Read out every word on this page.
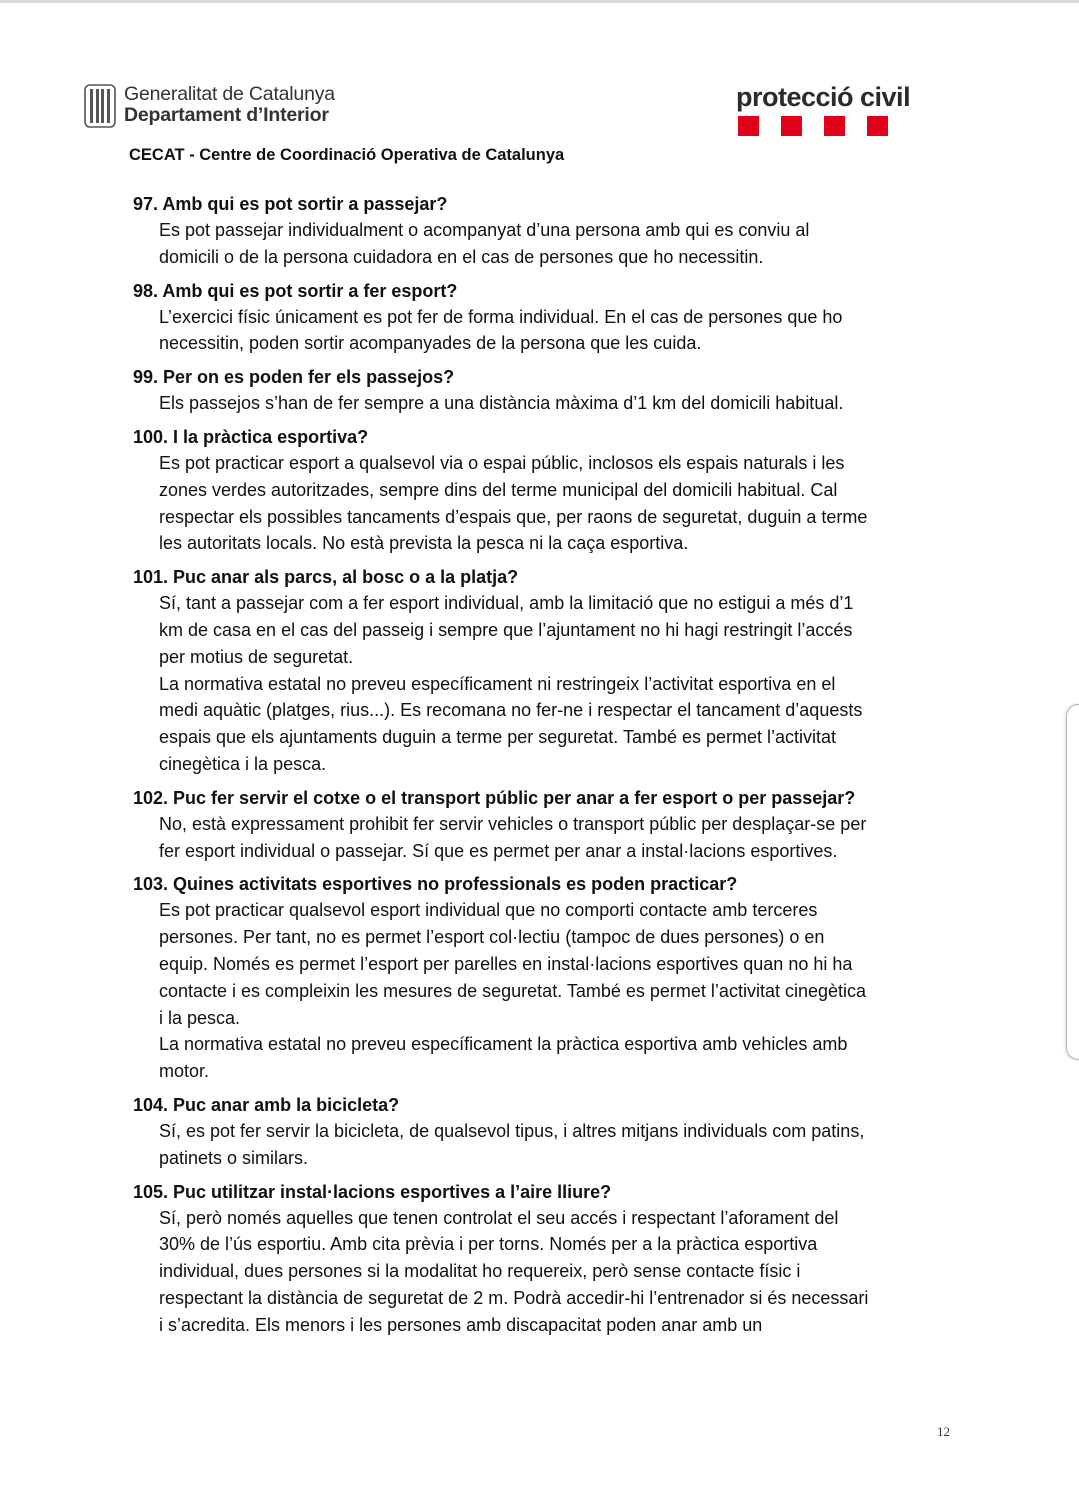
Generalitat de Catalunya
Departament d’Interior
protecció civil
CECAT - Centre de Coordinació Operativa de Catalunya
97. Amb qui es pot sortir a passejar?
Es pot passejar individualment o acompanyat d’una persona amb qui es conviu al
domicili o de la persona cuidadora en el cas de persones que ho necessitin.
98. Amb qui es pot sortir a fer esport?
L’exercici físic únicament es pot fer de forma individual. En el cas de persones que ho
necessitin, poden sortir acompanyades de la persona que les cuida.
99. Per on es poden fer els passejos?
Els passejos s’han de fer sempre a una distància màxima d’1 km del domicili habitual.
100. I la pràctica esportiva?
Es pot practicar esport a qualsevol via o espai públic, inclosos els espais naturals i les
zones verdes autoritzades, sempre dins del terme municipal del domicili habitual. Cal
respectar els possibles tancaments d’espais que, per raons de seguretat, duguin a terme
les autoritats locals. No està prevista la pesca ni la caça esportiva.
101. Puc anar als parcs, al bosc o a la platja?
Sí, tant a passejar com a fer esport individual, amb la limitació que no estigui a més d’1
km de casa en el cas del passeig i sempre que l’ajuntament no hi hagi restringit l’accés
per motius de seguretat.
La normativa estatal no preveu específicament ni restringeix l’activitat esportiva en el
medi aquàtic (platges, rius...). Es recomana no fer-ne i respectar el tancament d’aquests
espais que els ajuntaments duguin a terme per seguretat. També es permet l’activitat
cinegètica i la pesca.
102. Puc fer servir el cotxe o el transport públic per anar a fer esport o per passejar?
No, està expressament prohibit fer servir vehicles o transport públic per desplaçar-se per
fer esport individual o passejar. Sí que es permet per anar a instal·lacions esportives.
103. Quines activitats esportives no professionals es poden practicar?
Es pot practicar qualsevol esport individual que no comporti contacte amb terceres
persones. Per tant, no es permet l’esport col·lectiu (tampoc de dues persones) o en
equip. Només es permet l’esport per parelles en instal·lacions esportives quan no hi ha
contacte i es compleixin les mesures de seguretat. També es permet l’activitat cinegètica
i la pesca.
La normativa estatal no preveu específicament la pràctica esportiva amb vehicles amb
motor.
104. Puc anar amb la bicicleta?
Sí, es pot fer servir la bicicleta, de qualsevol tipus, i altres mitjans individuals com patins,
patinets o similars.
105. Puc utilitzar instal·lacions esportives a l’aire lliure?
Sí, però només aquelles que tenen controlat el seu accés i respectant l’aforament del
30% de l’ús esportiu. Amb cita prèvia i per torns. Només per a la pràctica esportiva
individual, dues persones si la modalitat ho requereix, però sense contacte físic i
respectant la distància de seguretat de 2 m. Podrà accedir-hi l’entrenador si és necessari
i s’acredita. Els menors i les persones amb discapacitat poden anar amb un
12
